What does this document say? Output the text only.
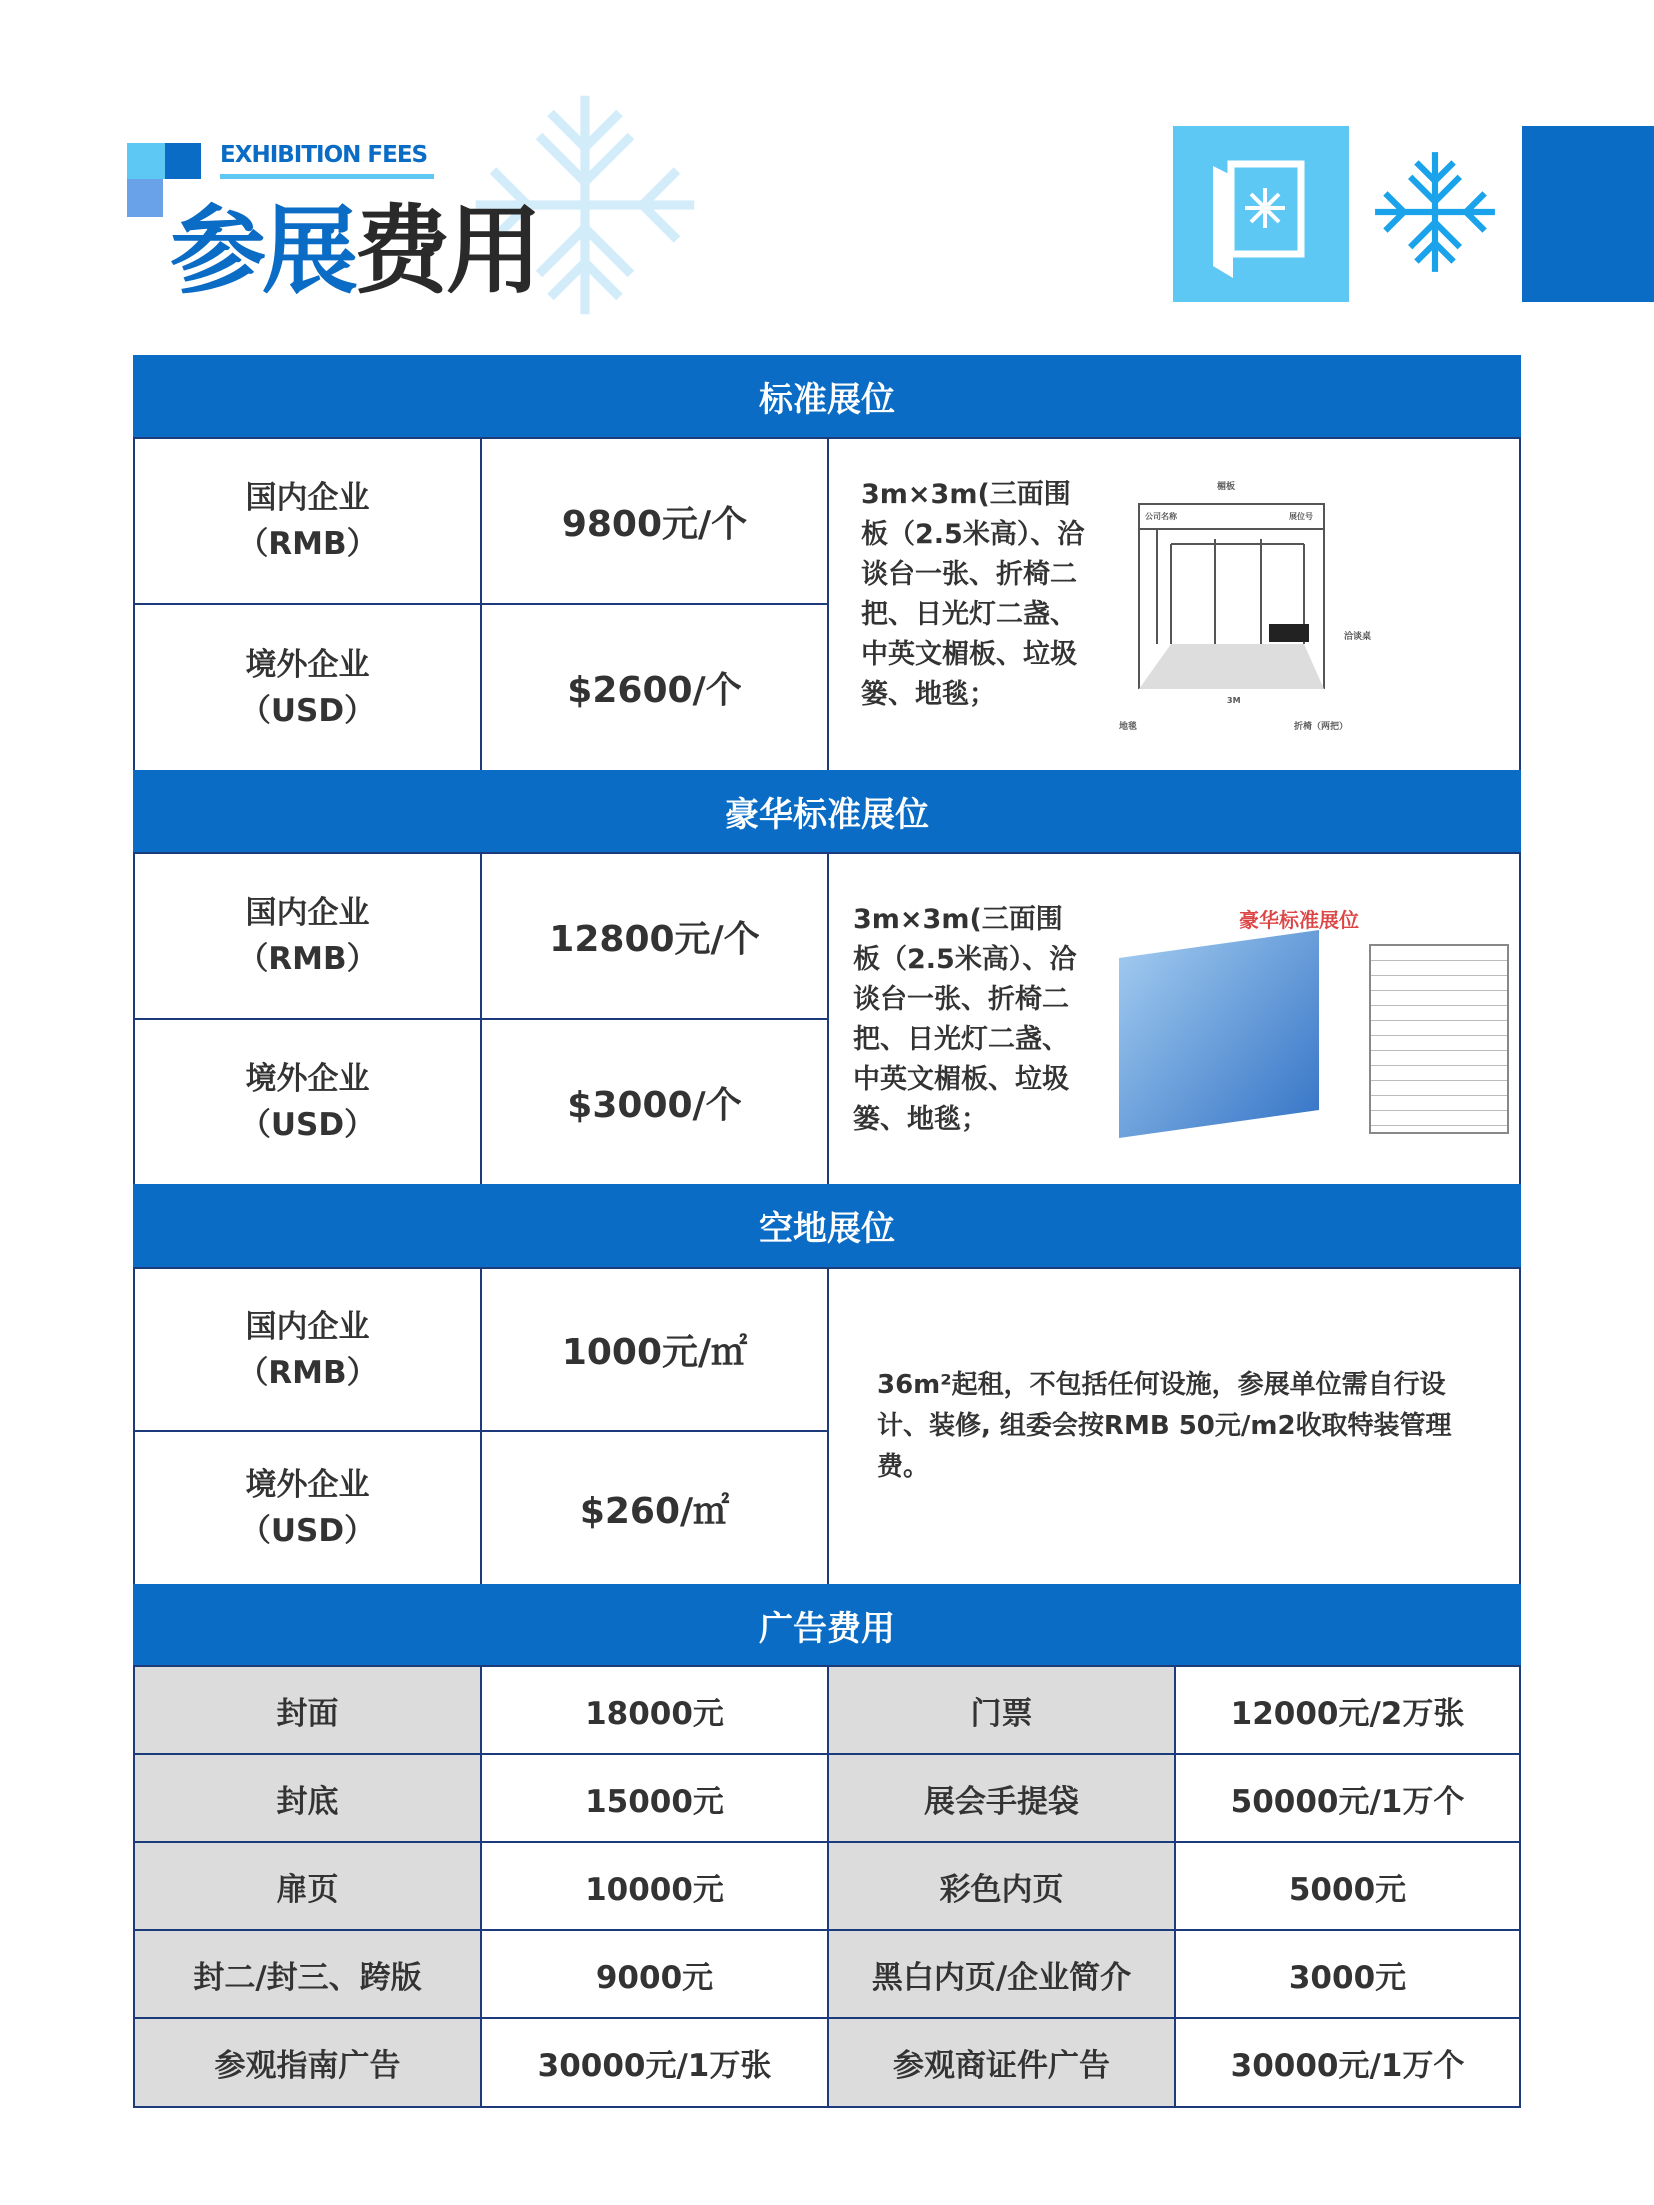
EXHIBITION FEES
参展费用
标准展位
国内企业
（RMB）	9800元/个
境外企业
（USD）	$2600/个
3m×3m(三面围板（2.5米高）、洽谈台一张、折椅二把、日光灯二盏、中英文楣板、垃圾篓、地毯；
楣板
公司名称	展位号
洽谈桌
地毯	折椅（两把）
3M
豪华标准展位
国内企业
（RMB）	12800元/个
境外企业
（USD）	$3000/个
3m×3m(三面围板（2.5米高）、洽谈台一张、折椅二把、日光灯二盏、中英文楣板、垃圾篓、地毯；
豪华标准展位
空地展位
国内企业
（RMB）	1000元/㎡
境外企业
（USD）	$260/㎡
36m²起租，不包括任何设施，参展单位需自行设计、装修, 组委会按RMB 50元/m2收取特装管理费。
广告费用
封面	18000元	门票	12000元/2万张
封底	15000元	展会手提袋	50000元/1万个
扉页	10000元	彩色内页	5000元
封二/封三、跨版	9000元	黑白内页/企业简介	3000元
参观指南广告	30000元/1万张	参观商证件广告	30000元/1万个
